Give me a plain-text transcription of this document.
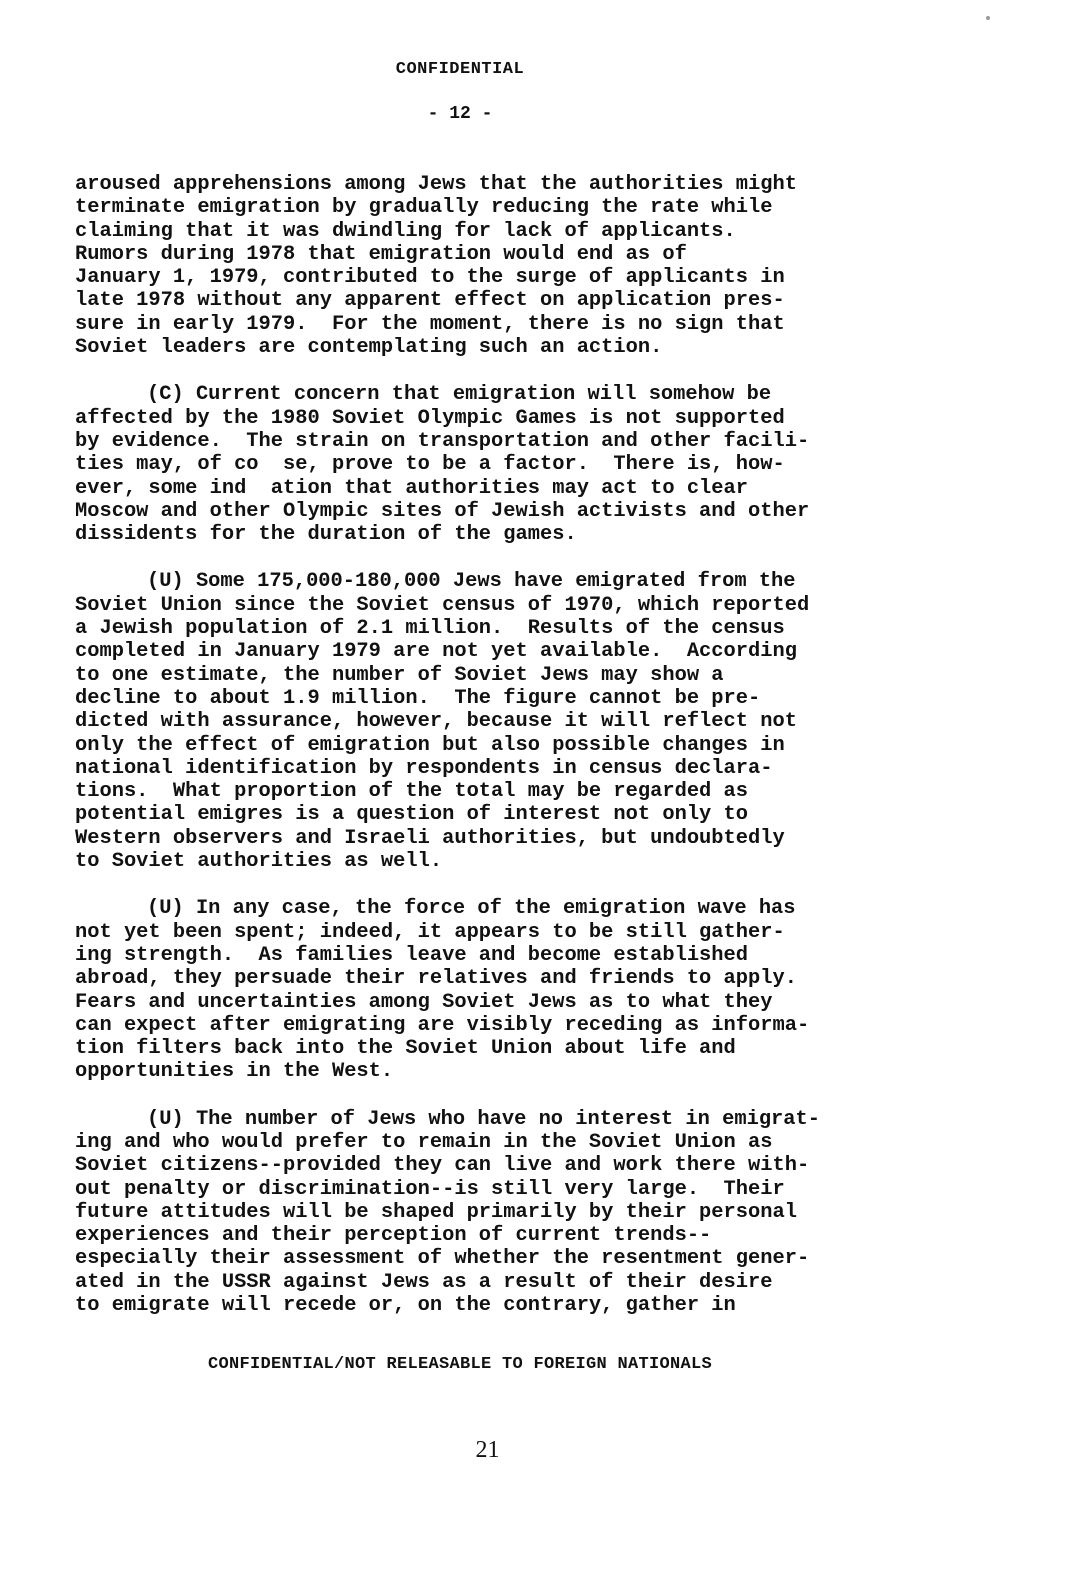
CONFIDENTIAL
- 12 -
aroused apprehensions among Jews that the authorities might
terminate emigration by gradually reducing the rate while
claiming that it was dwindling for lack of applicants.
Rumors during 1978 that emigration would end as of
January 1, 1979, contributed to the surge of applicants in
late 1978 without any apparent effect on application pres-
sure in early 1979.  For the moment, there is no sign that
Soviet leaders are contemplating such an action.
(C) Current concern that emigration will somehow be
affected by the 1980 Soviet Olympic Games is not supported
by evidence.  The strain on transportation and other facili-
ties may, of co  se, prove to be a factor.  There is, how-
ever, some ind  ation that authorities may act to clear
Moscow and other Olympic sites of Jewish activists and other
dissidents for the duration of the games.
(U) Some 175,000-180,000 Jews have emigrated from the
Soviet Union since the Soviet census of 1970, which reported
a Jewish population of 2.1 million.  Results of the census
completed in January 1979 are not yet available.  According
to one estimate, the number of Soviet Jews may show a
decline to about 1.9 million.  The figure cannot be pre-
dicted with assurance, however, because it will reflect not
only the effect of emigration but also possible changes in
national identification by respondents in census declara-
tions.  What proportion of the total may be regarded as
potential emigres is a question of interest not only to
Western observers and Israeli authorities, but undoubtedly
to Soviet authorities as well.
(U) In any case, the force of the emigration wave has
not yet been spent; indeed, it appears to be still gather-
ing strength.  As families leave and become established
abroad, they persuade their relatives and friends to apply.
Fears and uncertainties among Soviet Jews as to what they
can expect after emigrating are visibly receding as informa-
tion filters back into the Soviet Union about life and
opportunities in the West.
(U) The number of Jews who have no interest in emigrat-
ing and who would prefer to remain in the Soviet Union as
Soviet citizens--provided they can live and work there with-
out penalty or discrimination--is still very large.  Their
future attitudes will be shaped primarily by their personal
experiences and their perception of current trends--
especially their assessment of whether the resentment gener-
ated in the USSR against Jews as a result of their desire
to emigrate will recede or, on the contrary, gather in
CONFIDENTIAL/NOT RELEASABLE TO FOREIGN NATIONALS
21
